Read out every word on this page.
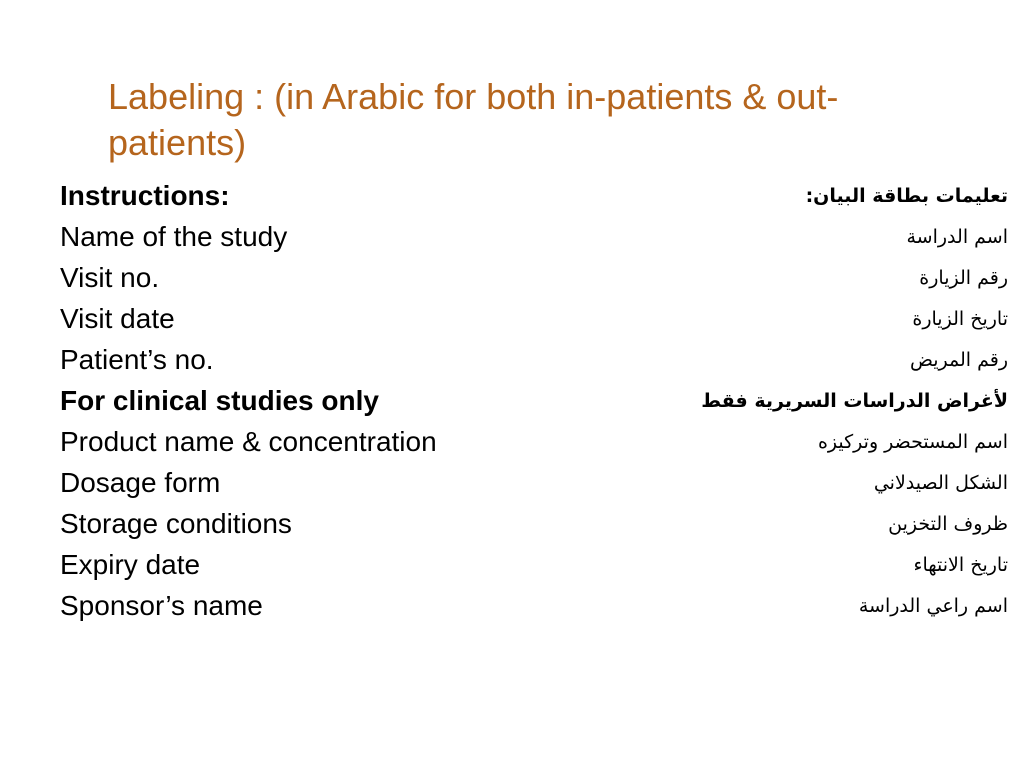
Labeling : (in Arabic for both in-patients & out-patients)
Instructions:	تعليمات بطاقة البيان:
Name of the study	اسم الدراسة
Visit no.	رقم الزيارة
Visit date	تاريخ الزيارة
Patient’s no.	رقم المريض
For clinical studies only	لأغراض الدراسات السريرية فقط
Product name & concentration	اسم المستحضر وتركيزه
Dosage form	الشكل الصيدلاني
Storage conditions	ظروف التخزين
Expiry date	تاريخ الانتهاء
Sponsor’s name	اسم راعي الدراسة
